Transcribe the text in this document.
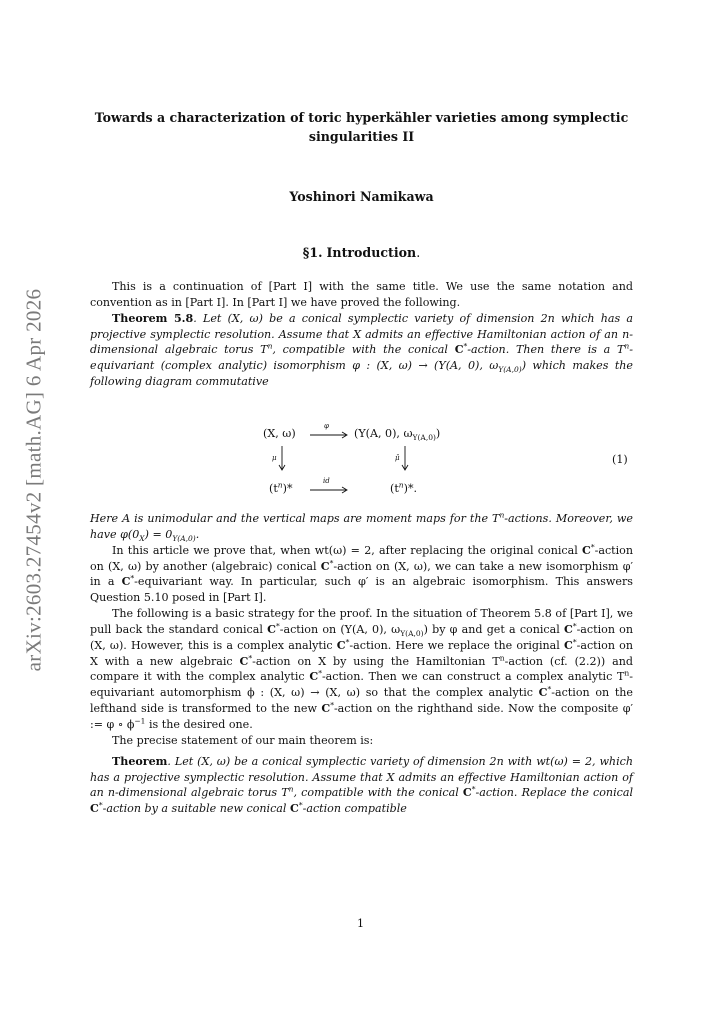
arXiv:2603.27454v2 [math.AG] 6 Apr 2026
Towards a characterization of toric hyperkähler varieties among symplectic
singularities II
Yoshinori Namikawa
§1. Introduction.

This is a continuation of [Part I] with the same title. We use the same notation and convention as in [Part I]. In [Part I] we have proved the following.

Theorem 5.8. Let (X, ω) be a conical symplectic variety of dimension 2n which has a projective symplectic resolution. Assume that X admits an effective Hamiltonian action of an n-dimensional algebraic torus $T^n$, compatible with the conical C*-action. Then there is a $T^n$-equivariant (complex analytic) isomorphism φ : (X, ω) → (Y(A, 0), $\omega_{Y(A,0)}$) which makes the following diagram commutative

(X, ω)
φ
(Y(A, 0), $\omega_{Y(A,0)}$)
μ	μ̄
$(t^n)*$
id
$(t^n)*$.
(1)

Here A is unimodular and the vertical maps are moment maps for the $T^n$-actions. Moreover, we have $\varphi(0_X) = 0_{Y(A,0)}$.

In this article we prove that, when wt(ω) = 2, after replacing the original conical C*-action on (X, ω) by another (algebraic) conical C*-action on (X, ω), we can take a new isomorphism φ′ in a C*-equivariant way. In particular, such φ′ is an algebraic isomorphism. This answers Question 5.10 posed in [Part I].

The following is a basic strategy for the proof. In the situation of Theorem 5.8 of [Part I], we pull back the standard conical C*-action on (Y(A, 0), $\omega_{Y(A,0)}$) by φ and get a conical C*-action on (X, ω). However, this is a complex analytic C*-action. Here we replace the original C*-action on X with a new algebraic C*-action on X by using the Hamiltonian $T^n$-action (cf. (2.2)) and compare it with the complex analytic C*-action. Then we can construct a complex analytic $T^n$-equivariant automorphism ϕ : (X, ω) → (X, ω) so that the complex analytic C*-action on the lefthand side is transformed to the new C*-action on the righthand side. Now the composite φ′ := φ ∘ $\phi^{-1}$ is the desired one.

The precise statement of our main theorem is:

Theorem. Let (X, ω) be a conical symplectic variety of dimension 2n with wt(ω) = 2, which has a projective symplectic resolution. Assume that X admits an effective Hamiltonian action of an n-dimensional algebraic torus $T^n$, compatible with the conical C*-action. Replace the conical C*-action by a suitable new conical C*-action compatible

1
